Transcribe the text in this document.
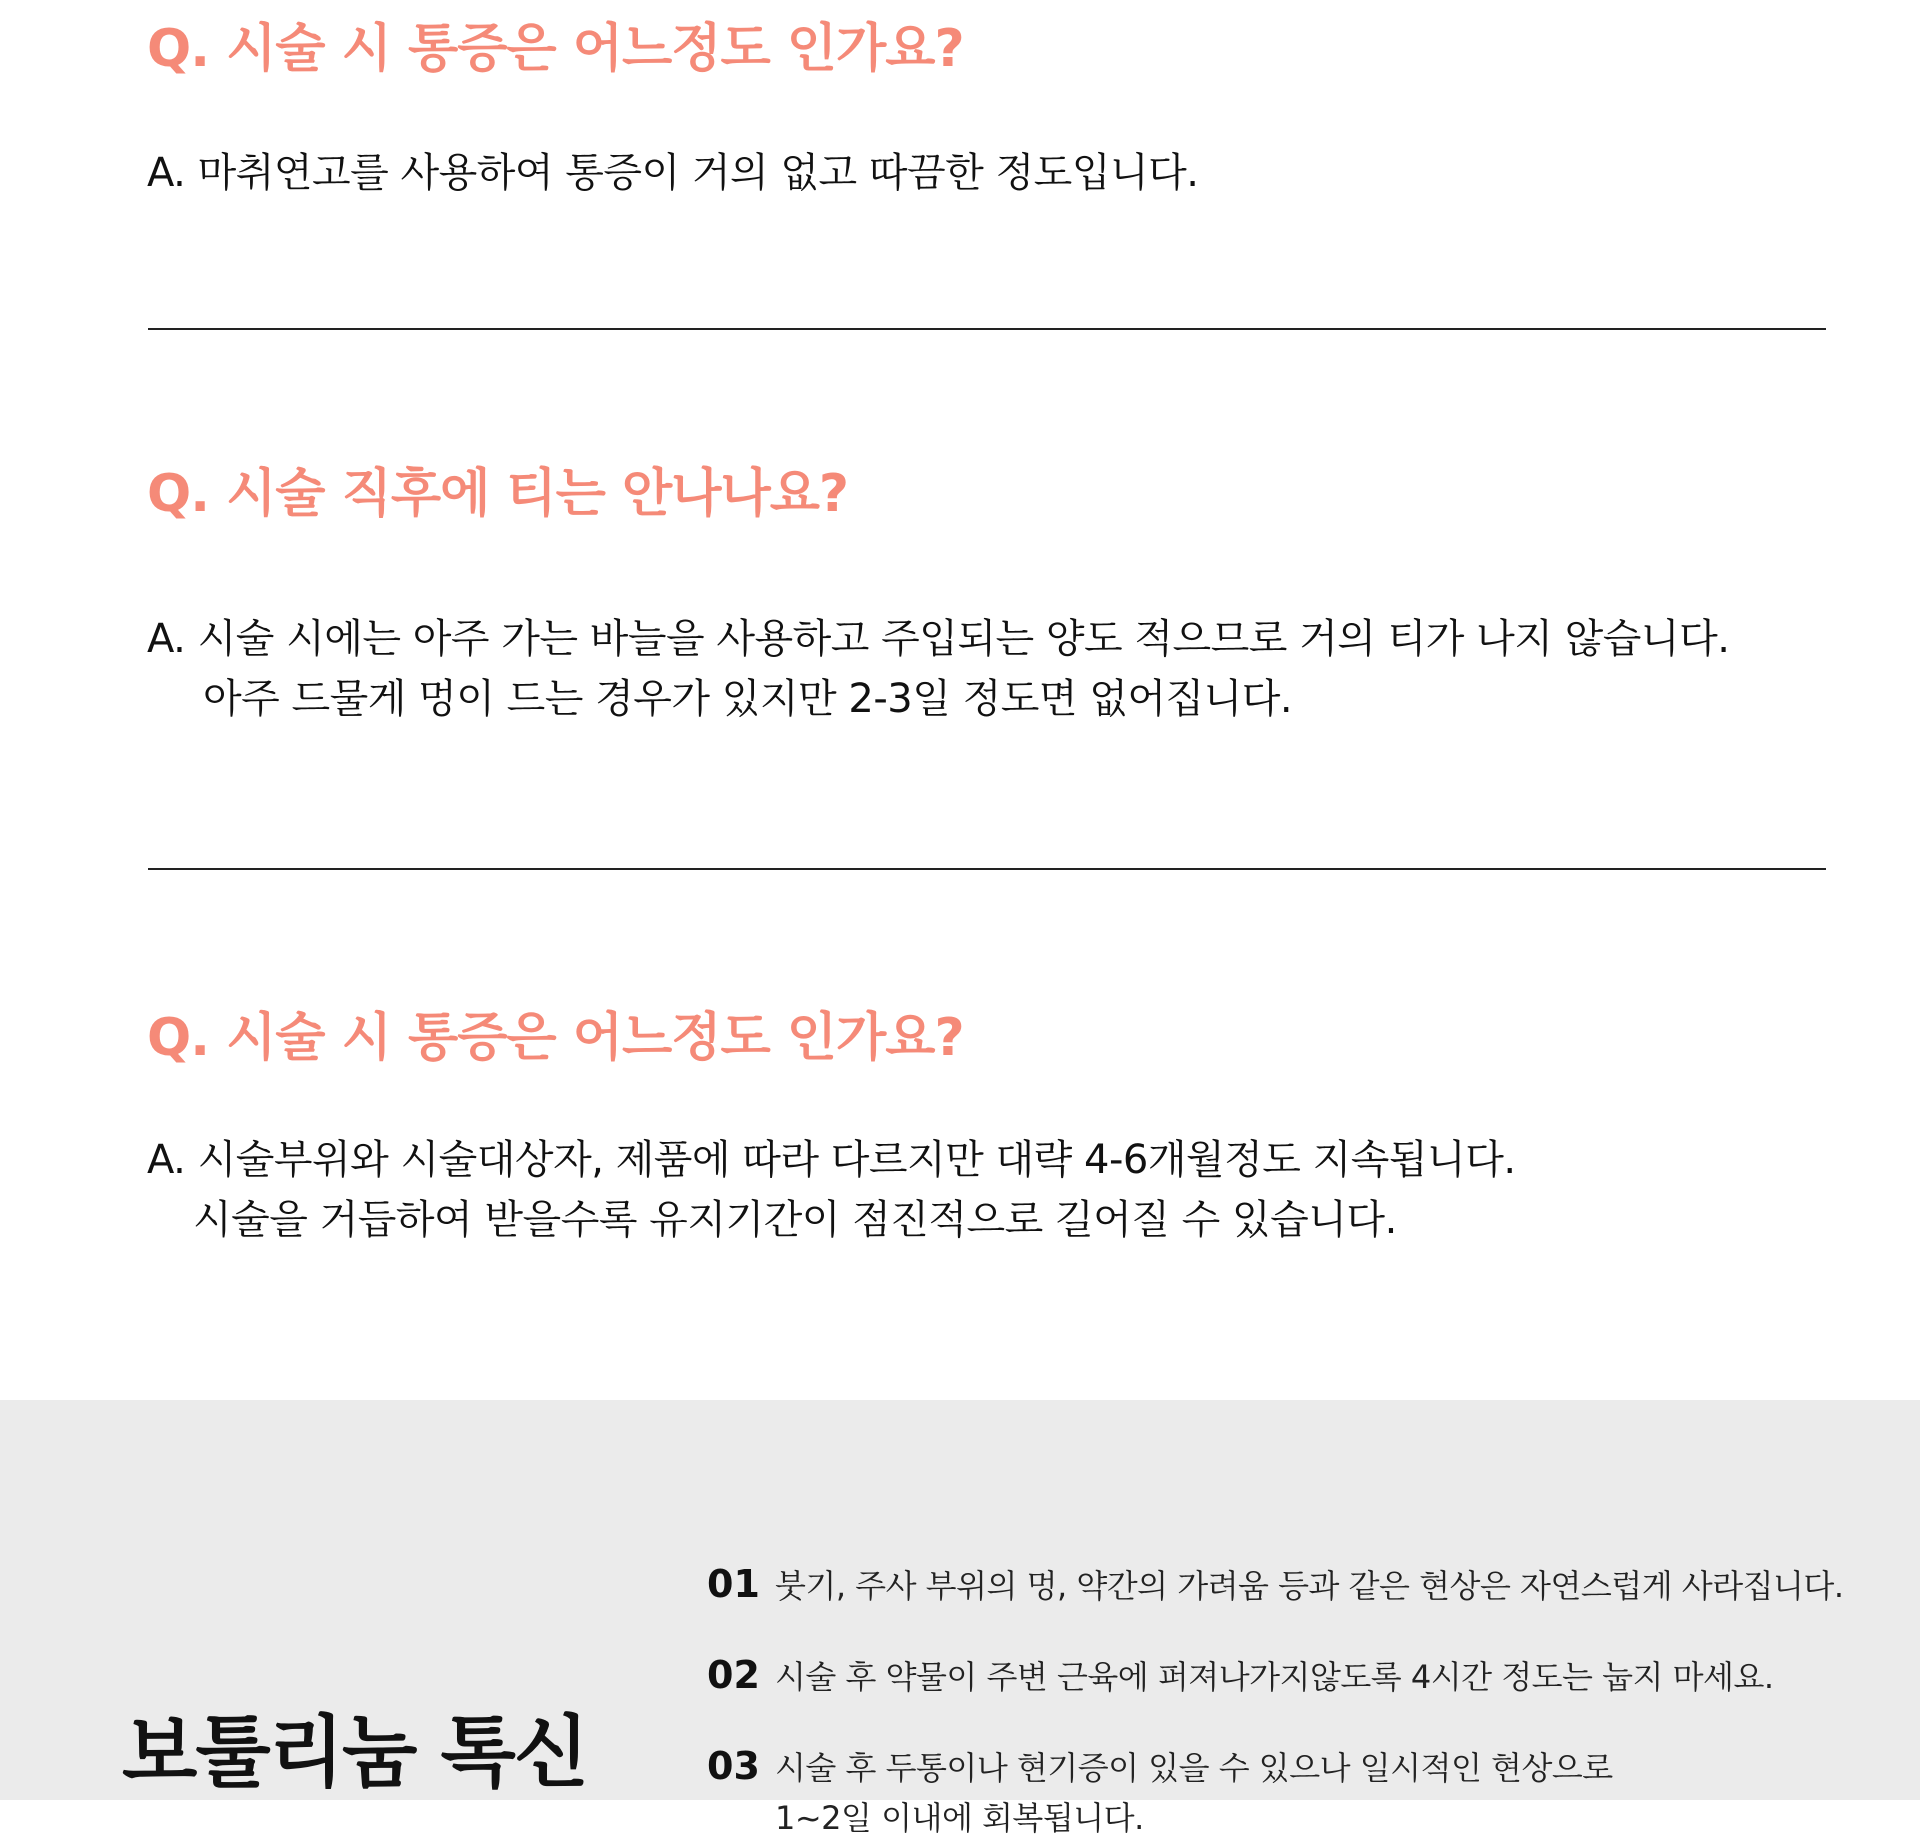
Q. 시술 시 통증은 어느정도 인가요?

A. 마취연고를 사용하여 통증이 거의 없고 따끔한 정도입니다.

Q. 시술 직후에 티는 안나나요?

A. 시술 시에는 아주 가는 바늘을 사용하고 주입되는 양도 적으므로 거의 티가 나지 않습니다.
아주 드물게 멍이 드는 경우가 있지만 2-3일 정도면 없어집니다.

Q. 시술 시 통증은 어느정도 인가요?

A. 시술부위와 시술대상자, 제품에 따라 다르지만 대략 4-6개월정도 지속됩니다.
시술을 거듭하여 받을수록 유지기간이 점진적으로 길어질 수 있습니다.

보툴리눔 톡신
01 붓기, 주사 부위의 멍, 약간의 가려움 등과 같은 현상은 자연스럽게 사라집니다.
02 시술 후 약물이 주변 근육에 퍼져나가지않도록 4시간 정도는 눕지 마세요.
03 시술 후 두통이나 현기증이 있을 수 있으나 일시적인 현상으로
1~2일 이내에 회복됩니다.
